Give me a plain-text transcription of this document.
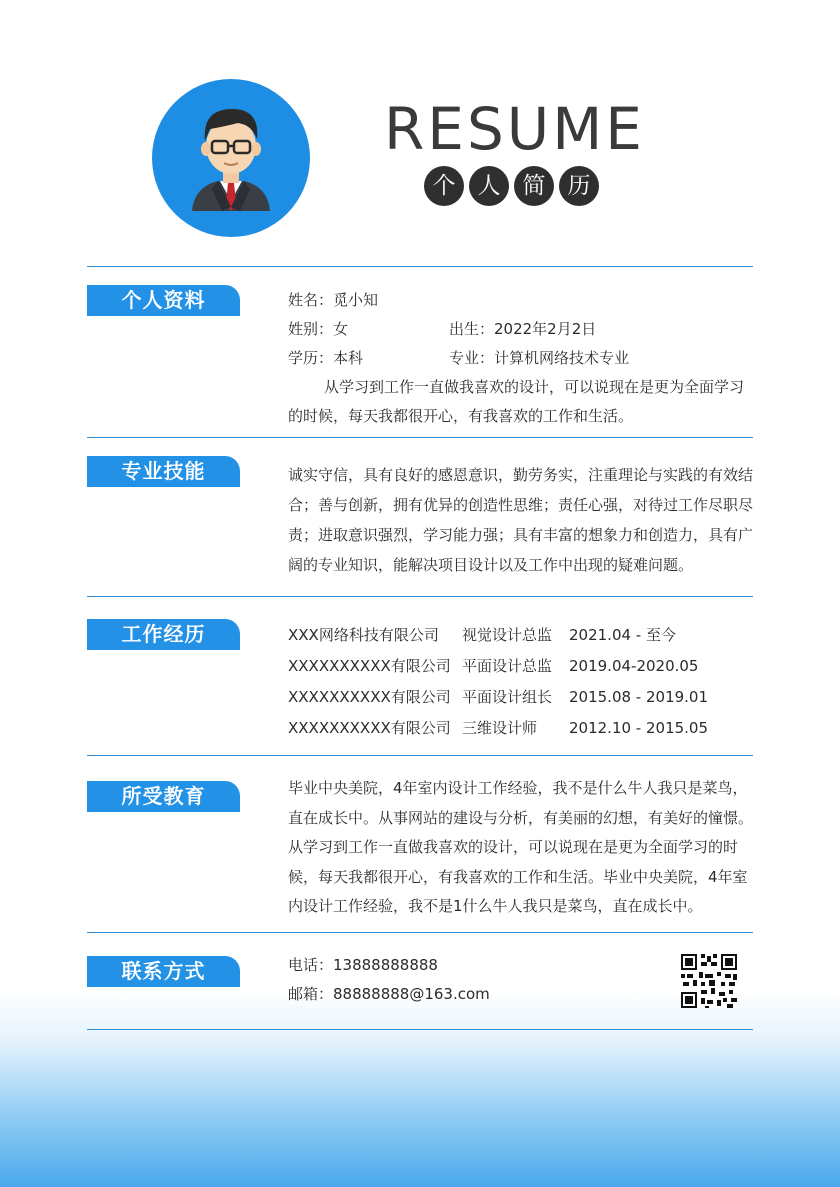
RESUME
个 人 简 历
个人资料	姓名：觅小知
姓别：女	出生：2022年2月2日
学历：本科	专业：计算机网络技术专业
从学习到工作一直做我喜欢的设计，可以说现在是更为全面学习的时候，每天我都很开心，有我喜欢的工作和生活。
专业技能	诚实守信，具有良好的感恩意识，勤劳务实，注重理论与实践的有效结合；善与创新，拥有优异的创造性思维；责任心强，对待过工作尽职尽责；进取意识强烈，学习能力强；具有丰富的想象力和创造力，具有广阔的专业知识，能解决项目设计以及工作中出现的疑难问题。
工作经历	XXX网络科技有限公司	视觉设计总监	2021.04 - 至今
XXXXXXXXXX有限公司 平面设计总监	2019.04-2020.05
XXXXXXXXXX有限公司 平面设计组长	2015.08 - 2019.01
XXXXXXXXXX有限公司 三维设计师	2012.10 - 2015.05
所受教育	毕业中央美院，4年室内设计工作经验，我不是什么牛人我只是菜鸟，直在成长中。从事网站的建设与分析，有美丽的幻想，有美好的憧憬。从学习到工作一直做我喜欢的设计，可以说现在是更为全面学习的时候，每天我都很开心，有我喜欢的工作和生活。毕业中央美院，4年室内设计工作经验，我不是1什么牛人我只是菜鸟，直在成长中。
联系方式	电话：13888888888
邮箱：88888888@163.com
